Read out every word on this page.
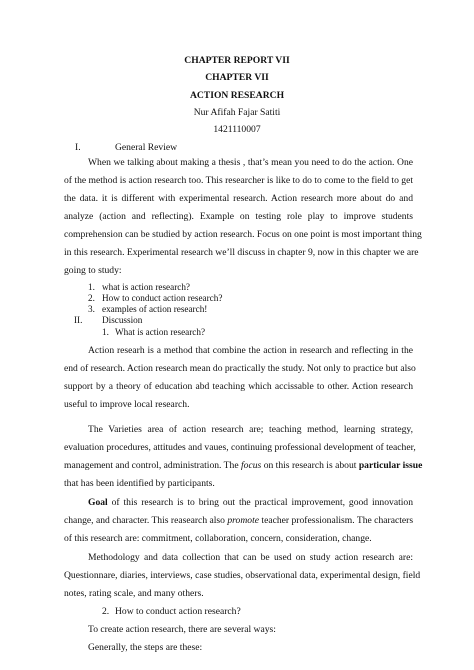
CHAPTER REPORT VII
CHAPTER VII
ACTION RESEARCH
Nur Afifah Fajar Satiti
1421110007
I.	General Review
When we talking about making a thesis , that’s mean you need to do the action. One
of the method is action research too. This researcher is like to do to come to the field to get
the data. it is different with experimental research. Action research more about do and
analyze (action and reflecting). Example on testing role play to improve students
comprehension can be studied by action research. Focus on one point is most important thing
in this research. Experimental research we’ll discuss in chapter 9, now in this chapter we are
going to study:
1. what is action research?
2. How to conduct action research?
3. examples of action research!
II. Discussion
1. What is action research?
Action researh is a method that combine the action in research and reflecting in the
end of research. Action research mean do practically the study. Not only to practice but also
support by a theory of education abd teaching which accissable to other. Action research
useful to improve local research.
The Varieties area of action research are; teaching method, learning strategy,
evaluation procedures, attitudes and vaues, continuing professional development of teacher,
management and control, administration. The focus on this research is about particular issue
that has been identified by participants.
Goal of this research is to bring out the practical improvement, good innovation
change, and character. This reasearch also promote teacher professionalism. The characters
of this research are: commitment, collaboration, concern, consideration, change.
Methodology and data collection that can be used on study action research are:
Questionnare, diaries, interviews, case studies, observational data, experimental design, field
notes, rating scale, and many others.
2. How to conduct action research?
To create action research, there are several ways:
Generally, the steps are these:
